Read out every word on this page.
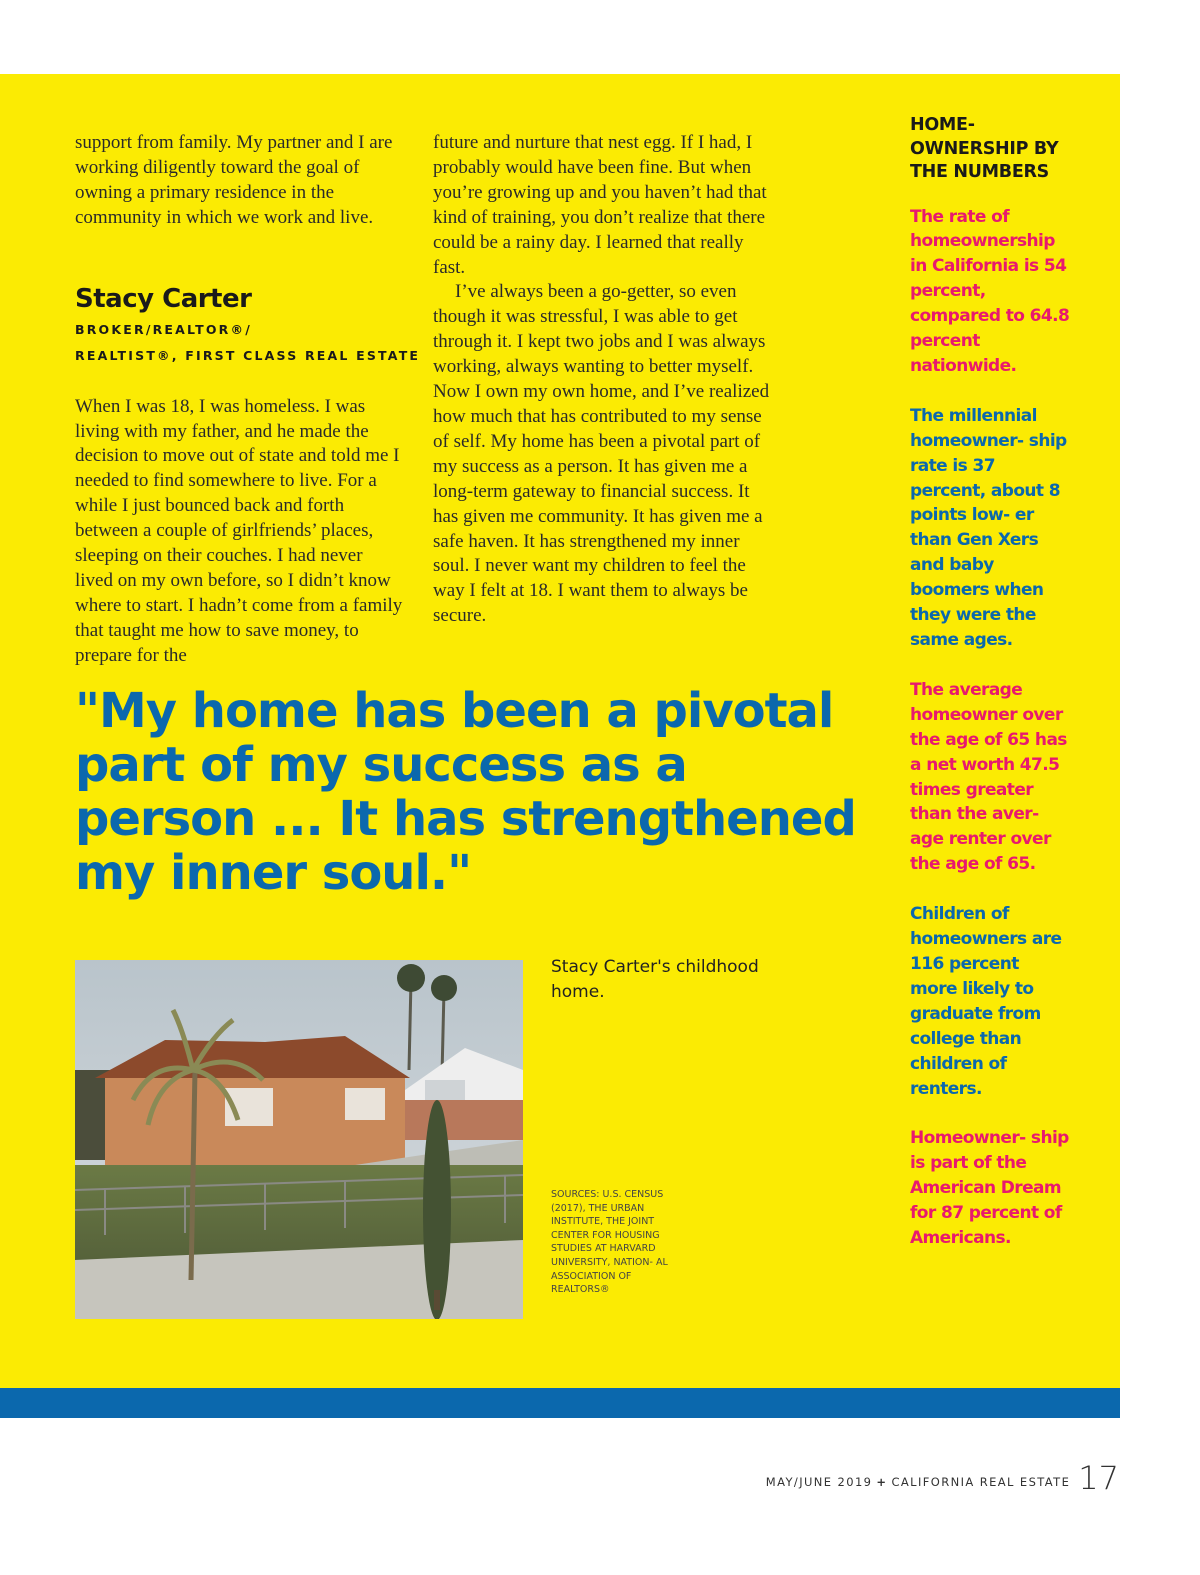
support from family. My partner and I are working diligently toward the goal of owning a primary residence in the community in which we work and live.

Stacy Carter
BROKER/REALTOR®/
REALTIST®, FIRST CLASS REAL ESTATE

When I was 18, I was homeless. I was living with my father, and he made the decision to move out of state and told me I needed to find somewhere to live. For a while I just bounced back and forth between a couple of girlfriends’ places, sleeping on their couches. I had never lived on my own before, so I didn’t know where to start. I hadn’t come from a family that taught me how to save money, to prepare for the

future and nurture that nest egg. If I had, I probably would have been fine. But when you’re growing up and you haven’t had that kind of training, you don’t realize that there could be a rainy day. I learned that really fast.

I’ve always been a go-getter, so even though it was stressful, I was able to get through it. I kept two jobs and I was always working, always wanting to better myself. Now I own my own home, and I’ve realized how much that has contributed to my sense of self. My home has been a pivotal part of my success as a person. It has given me a long-term gateway to financial success. It has given me community. It has given me a safe haven. It has strengthened my inner soul. I never want my children to feel the way I felt at 18. I want them to always be secure.

"My home has been a pivotal part of my success as a person ... It has strengthened my inner soul."
Stacy Carter's childhood home.
SOURCES: U.S. CENSUS (2017), THE URBAN INSTITUTE, THE JOINT CENTER FOR HOUSING STUDIES AT HARVARD UNIVERSITY, NATION- AL ASSOCIATION OF REALTORS®
HOME- OWNERSHIP BY THE NUMBERS

The rate of homeownership in California is 54 percent, compared to 64.8 percent nationwide.

The millennial homeowner- ship rate is 37 percent, about 8 points low- er than Gen Xers and baby boomers when they were the same ages.

The average homeowner over the age of 65 has a net worth 47.5 times greater than the aver- age renter over the age of 65.

Children of homeowners are 116 percent more likely to graduate from college than children of renters.

Homeowner- ship is part of the American Dream for 87 percent of Americans.

MAY/JUNE 2019 + CALIFORNIA REAL ESTATE 17
